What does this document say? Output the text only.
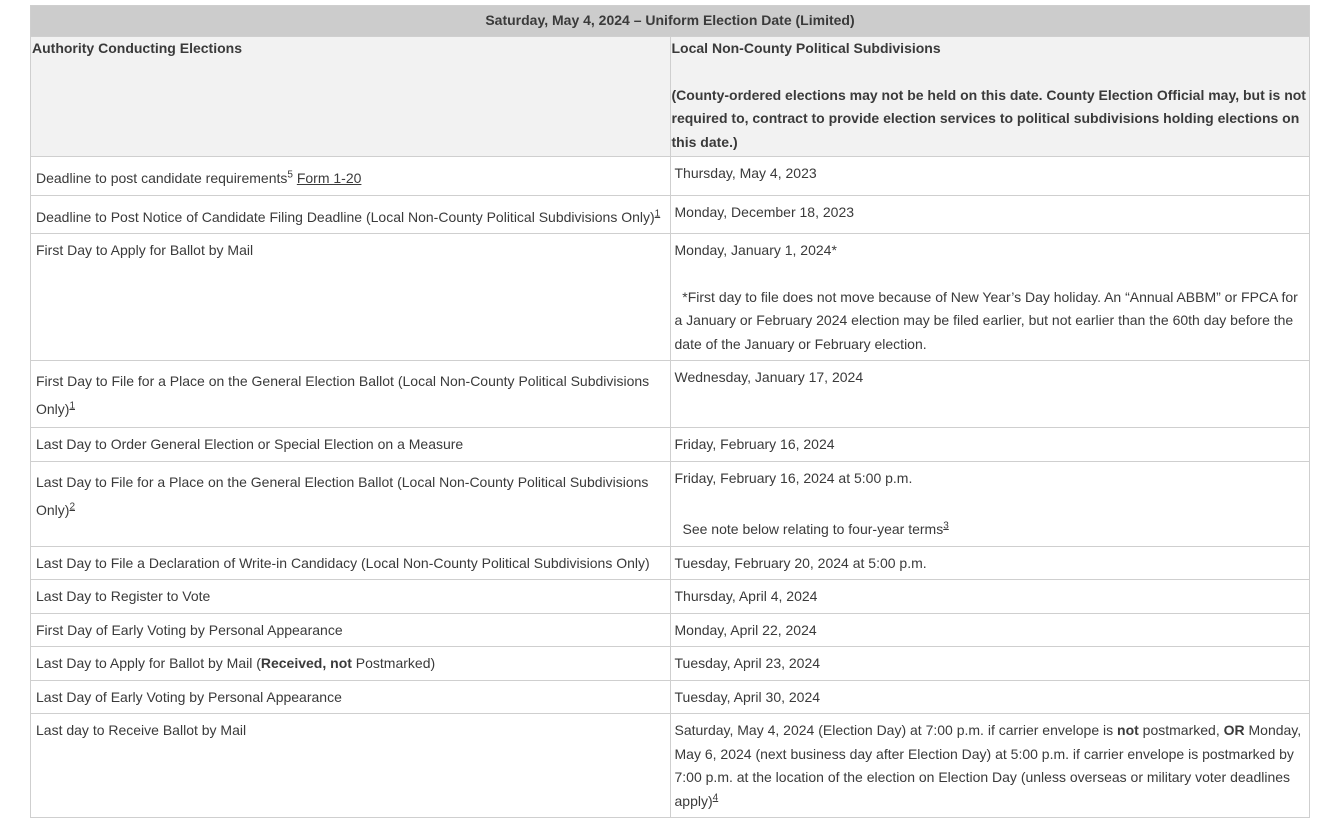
Saturday, May 4, 2024 – Uniform Election Date (Limited)	
Authority Conducting Elections	Local Non-County Political Subdivisions
(County-ordered elections may not be held on this date. County Election Official may, but is not required to, contract to provide election services to political subdivisions holding elections on this date.)

Deadline to post candidate requirements$^5$ Form 1-20	Thursday, May 4, 2023
Deadline to Post Notice of Candidate Filing Deadline (Local Non-County Political Subdivisions Only)$^1$	Monday, December 18, 2023
First Day to Apply for Ballot by Mail	Monday, January 1, 2024*
*First day to file does not move because of New Year’s Day holiday. An “Annual ABBM” or FPCA for a January or February 2024 election may be filed earlier, but not earlier than the 60th day before the date of the January or February election.

First Day to File for a Place on the General Election Ballot (Local Non-County Political Subdivisions Only)$^1$	Wednesday, January 17, 2024
Last Day to Order General Election or Special Election on a Measure	Friday, February 16, 2024
Last Day to File for a Place on the General Election Ballot (Local Non-County Political Subdivisions Only)$^2$	Friday, February 16, 2024 at 5:00 p.m.
See note below relating to four-year terms$^3$

Last Day to File a Declaration of Write-in Candidacy (Local Non-County Political Subdivisions Only)	Tuesday, February 20, 2024 at 5:00 p.m.
Last Day to Register to Vote	Thursday, April 4, 2024
First Day of Early Voting by Personal Appearance	Monday, April 22, 2024
Last Day to Apply for Ballot by Mail (Received, not Postmarked)	Tuesday, April 23, 2024
Last Day of Early Voting by Personal Appearance	Tuesday, April 30, 2024
Last day to Receive Ballot by Mail	Saturday, May 4, 2024 (Election Day) at 7:00 p.m. if carrier envelope is not postmarked, OR Monday, May 6, 2024 (next business day after Election Day) at 5:00 p.m. if carrier envelope is postmarked by 7:00 p.m. at the location of the election on Election Day (unless overseas or military voter deadlines apply)$^4$
